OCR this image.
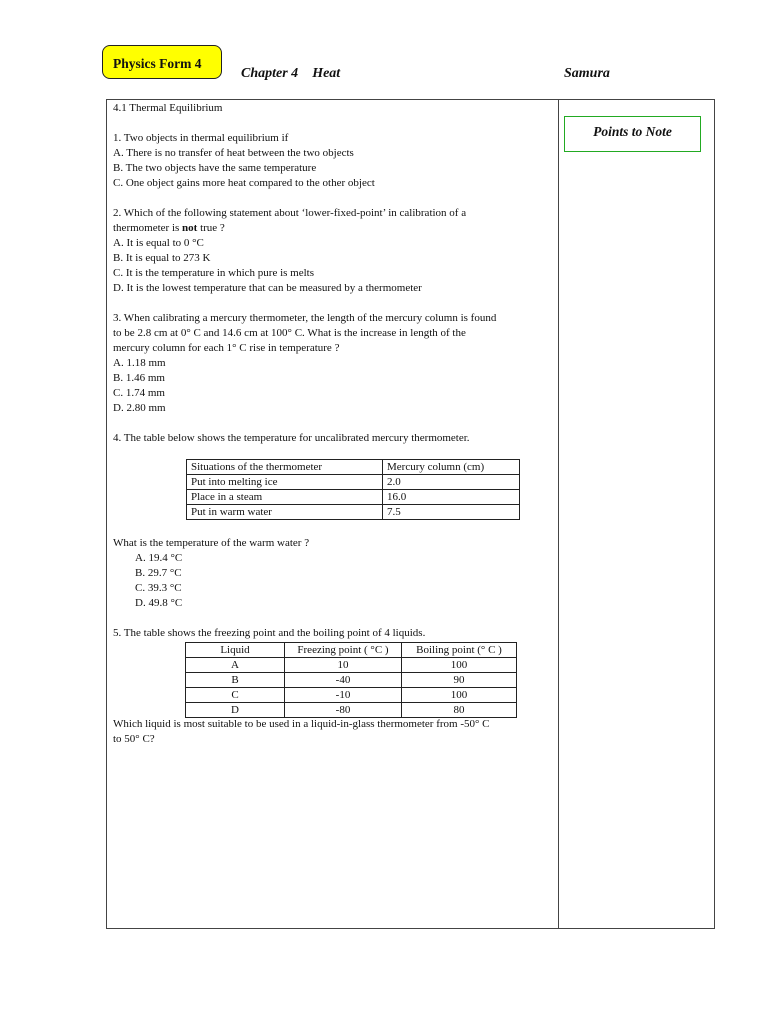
Physics Form 4
Chapter 4 Heat	Samura
Points to Note

4.1 Thermal Equilibrium

1. Two objects in thermal equilibrium if

A. There is no transfer of heat between the two objects

B. The two objects have the same temperature

C. One object gains more heat compared to the other object

2. Which of the following statement about ‘lower-fixed-point’ in calibration of a

thermometer is not true ?

A. It is equal to 0 °C

B. It is equal to 273 K

C. It is the temperature in which pure is melts

D. It is the lowest temperature that can be measured by a thermometer

3. When calibrating a mercury thermometer, the length of the mercury column is found

to be 2.8 cm at 0° C and 14.6 cm at 100° C. What is the increase in length of the

mercury column for each 1° C rise in temperature ?

A. 1.18 mm

B. 1.46 mm

C. 1.74 mm

D. 2.80 mm

4. The table below shows the temperature for uncalibrated mercury thermometer.

What is the temperature of the warm water ?

A. 19.4 °C

B. 29.7 °C

C. 39.3 °C

D. 49.8 °C

5. The table shows the freezing point and the boiling point of 4 liquids.

Which liquid is most suitable to be used in a liquid-in-glass thermometer from -50° C

to 50° C?

Situations of the thermometer	Mercury column (cm)
Put into melting ice	2.0
Place in a steam	16.0
Put in warm water	7.5
Liquid	Freezing point ( °C )	Boiling point (° C )
A	10	100
B	-40	90
C	-10	100
D	-80	80
